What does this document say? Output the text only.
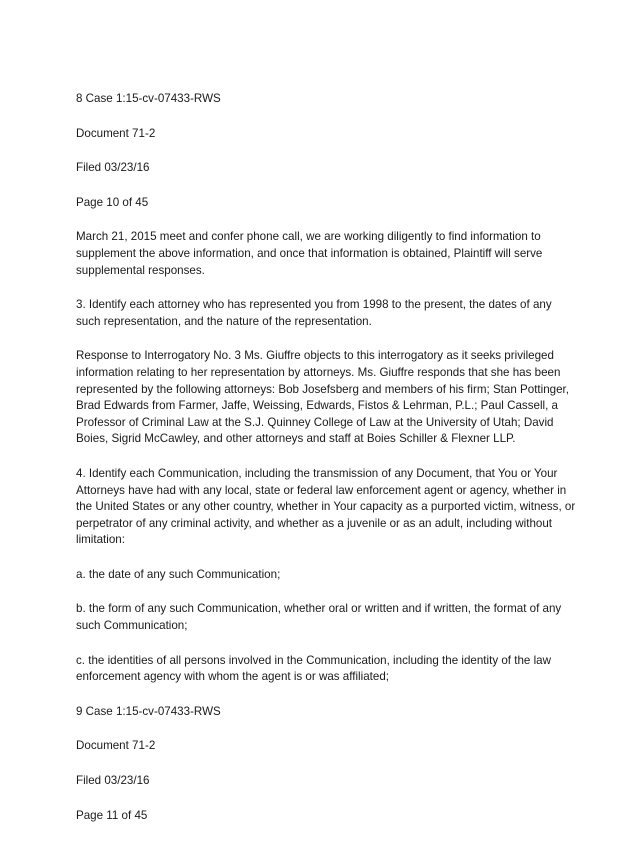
8 Case 1:15-cv-07433-RWS

Document 71-2

Filed 03/23/16

Page 10 of 45

March 21, 2015 meet and confer phone call, we are working diligently to find information to supplement the above information, and once that information is obtained, Plaintiff will serve supplemental responses.

3. Identify each attorney who has represented you from 1998 to the present, the dates of any such representation, and the nature of the representation.

Response to Interrogatory No. 3 Ms. Giuffre objects to this interrogatory as it seeks privileged information relating to her representation by attorneys. Ms. Giuffre responds that she has been represented by the following attorneys: Bob Josefsberg and members of his firm; Stan Pottinger, Brad Edwards from Farmer, Jaffe, Weissing, Edwards, Fistos & Lehrman, P.L.; Paul Cassell, a Professor of Criminal Law at the S.J. Quinney College of Law at the University of Utah; David Boies, Sigrid McCawley, and other attorneys and staff at Boies Schiller & Flexner LLP.

4. Identify each Communication, including the transmission of any Document, that You or Your Attorneys have had with any local, state or federal law enforcement agent or agency, whether in the United States or any other country, whether in Your capacity as a purported victim, witness, or perpetrator of any criminal activity, and whether as a juvenile or as an adult, including without limitation:

a. the date of any such Communication;

b. the form of any such Communication, whether oral or written and if written, the format of any such Communication;

c. the identities of all persons involved in the Communication, including the identity of the law enforcement agency with whom the agent is or was affiliated;

9 Case 1:15-cv-07433-RWS

Document 71-2

Filed 03/23/16

Page 11 of 45
